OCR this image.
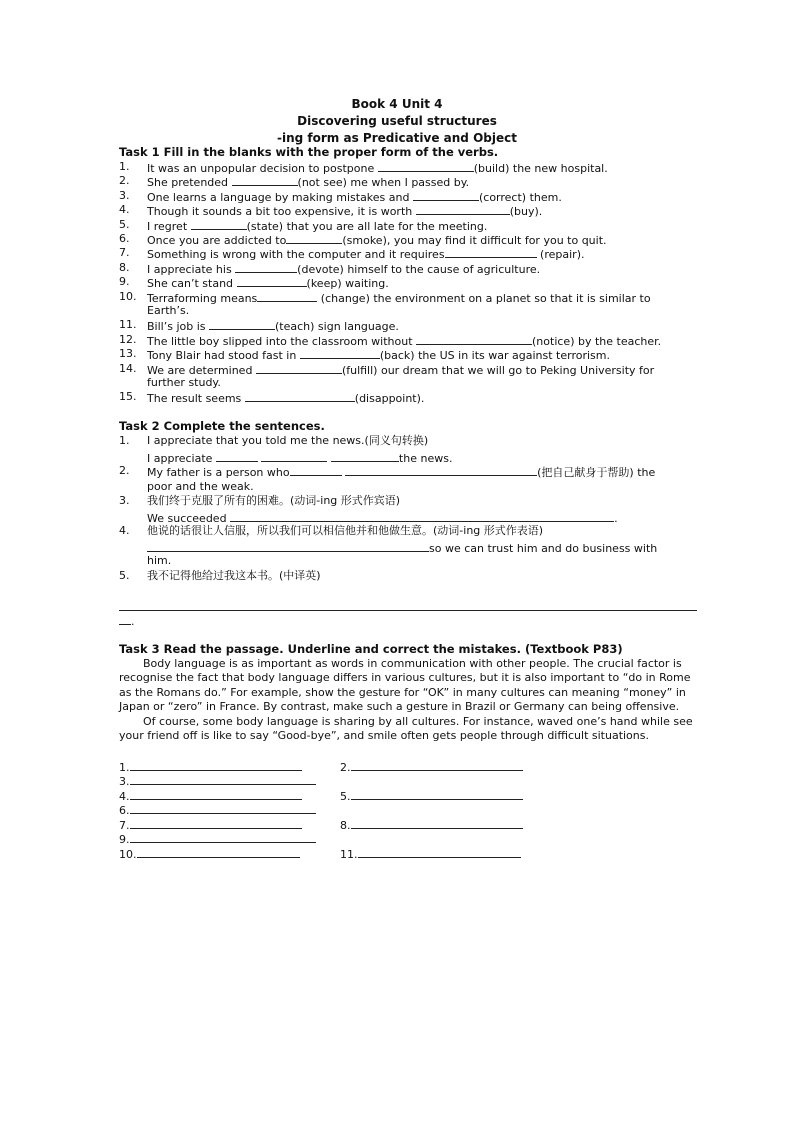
Book 4 Unit 4
Discovering useful structures
-ing form as Predicative and Object
Task 1 Fill in the blanks with the proper form of the verbs.
1.	It was an unpopular decision to postpone	(build) the new hospital.
2.	She pretended	(not see) me when I passed by.
3.	One learns a language by making mistakes and	(correct) them.
4.	Though it sounds a bit too expensive, it is worth	(buy).
5.	I regret	(state) that you are all late for the meeting.
6.	Once you are addicted to	(smoke), you may find it difficult for you to quit.
7.	Something is wrong with the computer and it requires	(repair).
8.	I appreciate his	(devote) himself to the cause of agriculture.
9.	She can’t stand	(keep) waiting.
10. Terraforming means	(change) the environment on a planet so that it is similar to
Earth’s.
11. Bill’s job is	(teach) sign language.
12. The little boy slipped into the classroom without	(notice) by the teacher.
13. Tony Blair had stood fast in	(back) the US in its war against terrorism.
14. We are determined	(fulfill) our dream that we will go to Peking University for
further study.
15. The result seems	(disappoint).
Task 2 Complete the sentences.
1.	I appreciate that you told me the news.(同义句转换)
I appreciate	the news.
2.	My father is a person who	(把自己献身于帮助) the
poor and the weak.
3.	我们终于克服了所有的困难。(动词-ing 形式作宾语)
We succeeded	.
4.	他说的话很让人信服，所以我们可以相信他并和他做生意。(动词-ing 形式作表语)
so we can trust him and do business with
him.
5.	我不记得他给过我这本书。(中译英)
.
Task 3 Read the passage. Underline and correct the mistakes. (Textbook P83)
Body language is as important as words in communication with other people. The crucial factor is
recognise the fact that body language differs in various cultures, but it is also important to “do in Rome
as the Romans do.” For example, show the gesture for “OK” in many cultures can meaning “money” in
Japan or “zero” in France. By contrast, make such a gesture in Brazil or Germany can being offensive.
Of course, some body language is sharing by all cultures. For instance, waved one’s hand while see
your friend off is like to say “Good-bye”, and smile often gets people through difficult situations.
1.	2.
3.
4.	5.
6.
7.	8.
9.
10.	11.
